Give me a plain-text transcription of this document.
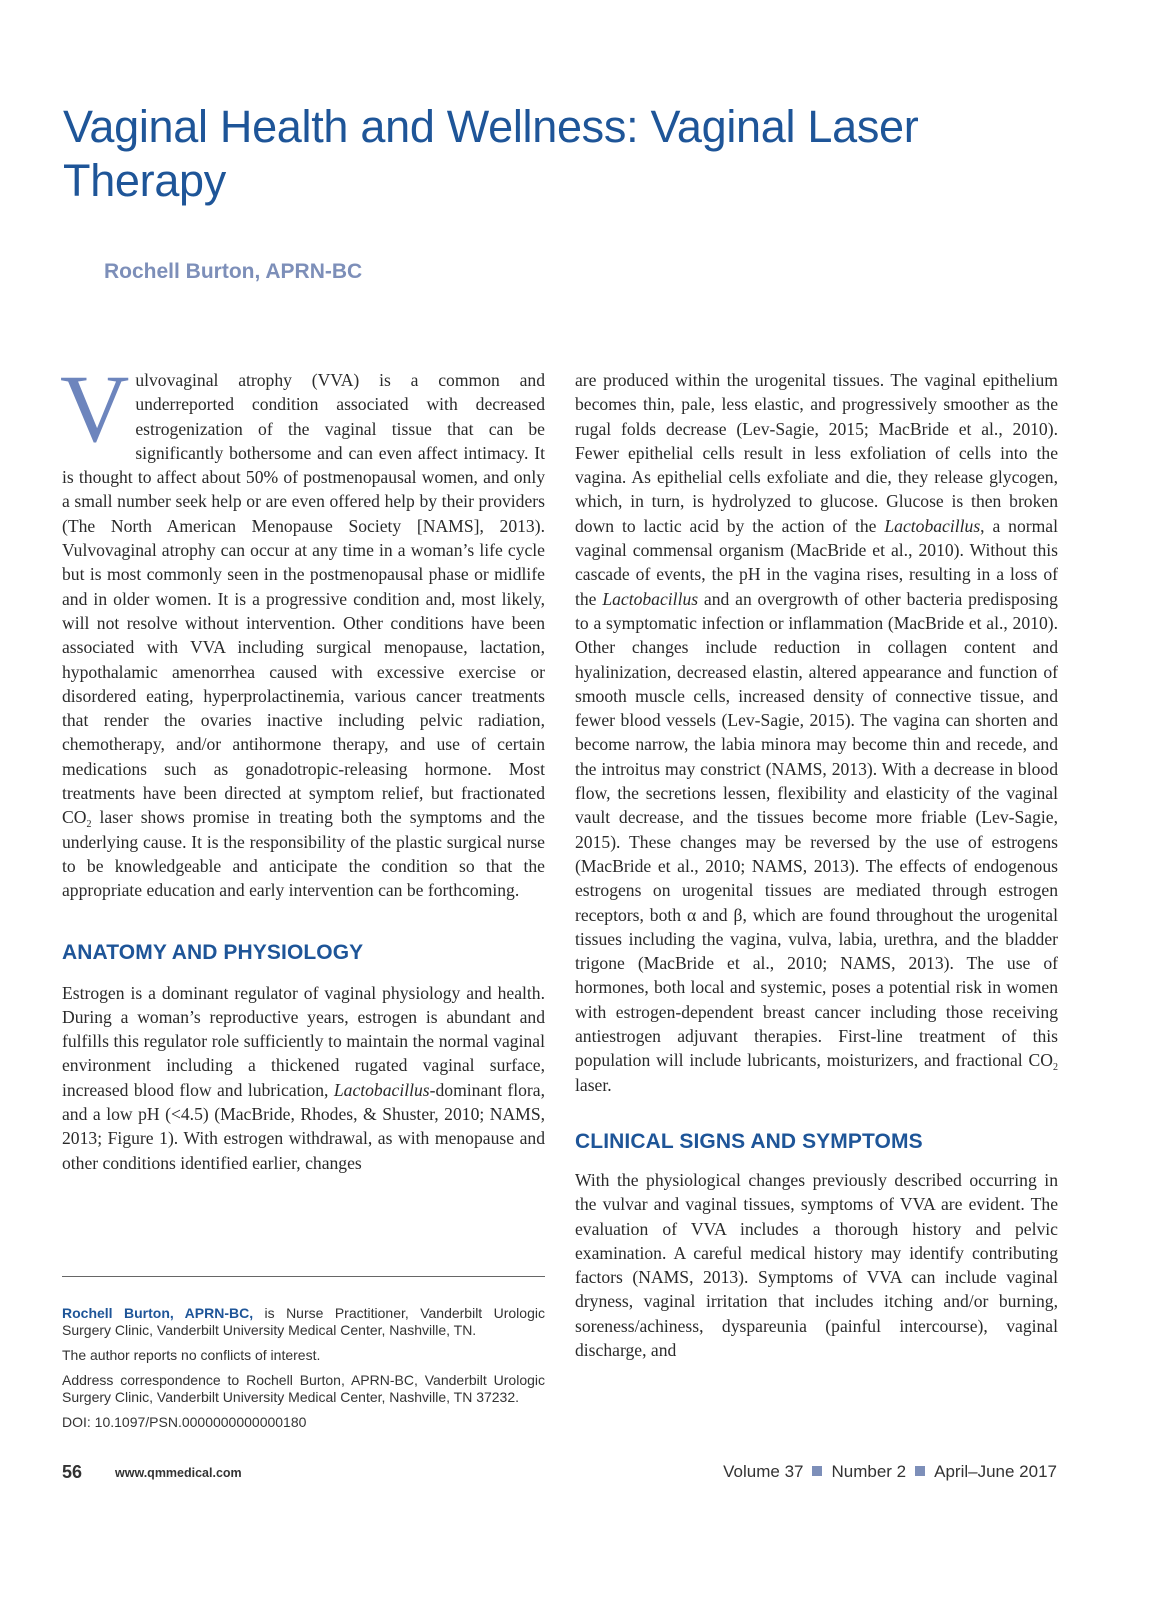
Vaginal Health and Wellness: Vaginal Laser Therapy
Rochell Burton, APRN-BC

Vulvovaginal atrophy (VVA) is a common and underreported condition associated with decreased estrogenization of the vaginal tissue that can be significantly bothersome and can even affect intimacy. It is thought to affect about 50% of postmenopausal women, and only a small number seek help or are even offered help by their providers (The North American Menopause Society [NAMS], 2013). Vulvovaginal atrophy can occur at any time in a woman’s life cycle but is most commonly seen in the postmenopausal phase or midlife and in older women. It is a progressive condition and, most likely, will not resolve without intervention. Other conditions have been associated with VVA including surgical menopause, lactation, hypothalamic amenorrhea caused with excessive exercise or disordered eating, hyperprolactinemia, various cancer treatments that render the ovaries inactive including pelvic radiation, chemotherapy, and/or antihormone therapy, and use of certain medications such as gonadotropic-releasing hormone. Most treatments have been directed at symptom relief, but fractionated $CO_2$ laser shows promise in treating both the symptoms and the underlying cause. It is the responsibility of the plastic surgical nurse to be knowledgeable and anticipate the condition so that the appropriate education and early intervention can be forthcoming.

ANATOMY AND PHYSIOLOGY

Estrogen is a dominant regulator of vaginal physiology and health. During a woman’s reproductive years, estrogen is abundant and fulfills this regulator role sufficiently to maintain the normal vaginal environment including a thickened rugated vaginal surface, increased blood flow and lubrication, Lactobacillus-dominant flora, and a low pH (<4.5) (MacBride, Rhodes, & Shuster, 2010; NAMS, 2013; Figure 1). With estrogen withdrawal, as with menopause and other conditions identified earlier, changes

are produced within the urogenital tissues. The vaginal epithelium becomes thin, pale, less elastic, and progressively smoother as the rugal folds decrease (Lev-Sagie, 2015; MacBride et al., 2010). Fewer epithelial cells result in less exfoliation of cells into the vagina. As epithelial cells exfoliate and die, they release glycogen, which, in turn, is hydrolyzed to glucose. Glucose is then broken down to lactic acid by the action of the Lactobacillus, a normal vaginal commensal organism (MacBride et al., 2010). Without this cascade of events, the pH in the vagina rises, resulting in a loss of the Lactobacillus and an overgrowth of other bacteria predisposing to a symptomatic infection or inflammation (MacBride et al., 2010). Other changes include reduction in collagen content and hyalinization, decreased elastin, altered appearance and function of smooth muscle cells, increased density of connective tissue, and fewer blood vessels (Lev-Sagie, 2015). The vagina can shorten and become narrow, the labia minora may become thin and recede, and the introitus may constrict (NAMS, 2013). With a decrease in blood flow, the secretions lessen, flexibility and elasticity of the vaginal vault decrease, and the tissues become more friable (Lev-Sagie, 2015). These changes may be reversed by the use of estrogens (MacBride et al., 2010; NAMS, 2013). The effects of endogenous estrogens on urogenital tissues are mediated through estrogen receptors, both α and β, which are found throughout the urogenital tissues including the vagina, vulva, labia, urethra, and the bladder trigone (MacBride et al., 2010; NAMS, 2013). The use of hormones, both local and systemic, poses a potential risk in women with estrogen-dependent breast cancer including those receiving antiestrogen adjuvant therapies. First-line treatment of this population will include lubricants, moisturizers, and fractional $CO_2$ laser.

CLINICAL SIGNS AND SYMPTOMS

With the physiological changes previously described occurring in the vulvar and vaginal tissues, symptoms of VVA are evident. The evaluation of VVA includes a thorough history and pelvic examination. A careful medical history may identify contributing factors (NAMS, 2013). Symptoms of VVA can include vaginal dryness, vaginal irritation that includes itching and/or burning, soreness/achiness, dyspareunia (painful intercourse), vaginal discharge, and

Rochell Burton, APRN-BC, is Nurse Practitioner, Vanderbilt Urologic Surgery Clinic, Vanderbilt University Medical Center, Nashville, TN.

The author reports no conflicts of interest.

Address correspondence to Rochell Burton, APRN-BC, Vanderbilt Urologic Surgery Clinic, Vanderbilt University Medical Center, Nashville, TN 37232.

DOI: 10.1097/PSN.0000000000000180

56	www.qmmedical.com	Volume 37 Number 2 April–June 2017
